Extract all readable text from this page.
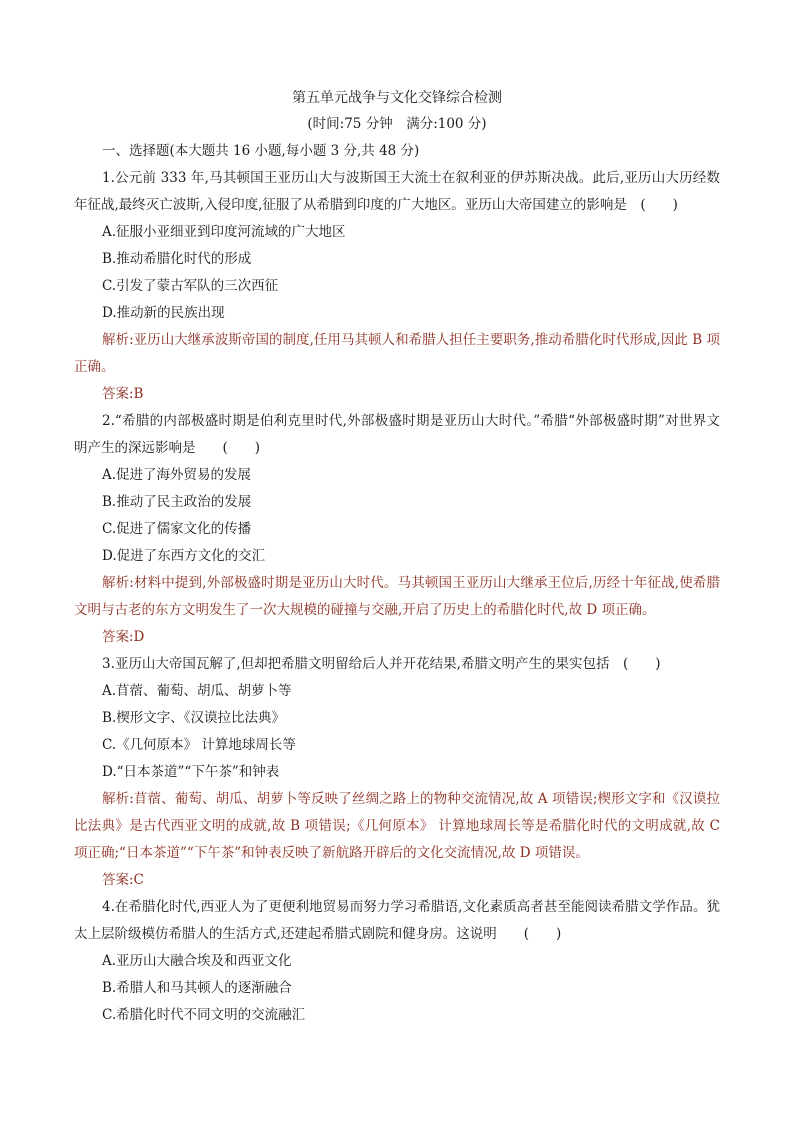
第五单元战争与文化交锋综合检测
(时间:75 分钟　满分:100 分)
一、选择题(本大题共 16 小题,每小题 3 分,共 48 分)

1.公元前 333 年,马其顿国王亚历山大与波斯国王大流士在叙利亚的伊苏斯决战。此后,亚历山大历经数年征战,最终灭亡波斯,入侵印度,征服了从希腊到印度的广大地区。亚历山大帝国建立的影响是　(　　)

A.征服小亚细亚到印度河流域的广大地区

B.推动希腊化时代的形成

C.引发了蒙古军队的三次西征

D.推动新的民族出现

解析:亚历山大继承波斯帝国的制度,任用马其顿人和希腊人担任主要职务,推动希腊化时代形成,因此 B 项正确。

答案:B

2.“希腊的内部极盛时期是伯利克里时代,外部极盛时期是亚历山大时代。”希腊“外部极盛时期”对世界文明产生的深远影响是　　(　　)

A.促进了海外贸易的发展

B.推动了民主政治的发展

C.促进了儒家文化的传播

D.促进了东西方文化的交汇

解析:材料中提到,外部极盛时期是亚历山大时代。马其顿国王亚历山大继承王位后,历经十年征战,使希腊文明与古老的东方文明发生了一次大规模的碰撞与交融,开启了历史上的希腊化时代,故 D 项正确。

答案:D

3.亚历山大帝国瓦解了,但却把希腊文明留给后人并开花结果,希腊文明产生的果实包括　(　　)

A.苜蓿、葡萄、胡瓜、胡萝卜等

B.楔形文字、《汉谟拉比法典》

C.《几何原本》 计算地球周长等

D.“日本茶道”“下午茶”和钟表

解析:苜蓿、葡萄、胡瓜、胡萝卜等反映了丝绸之路上的物种交流情况,故 A 项错误;楔形文字和《汉谟拉比法典》是古代西亚文明的成就,故 B 项错误;《几何原本》 计算地球周长等是希腊化时代的文明成就,故 C 项正确;“日本茶道”“下午茶”和钟表反映了新航路开辟后的文化交流情况,故 D 项错误。

答案:C

4.在希腊化时代,西亚人为了更便利地贸易而努力学习希腊语,文化素质高者甚至能阅读希腊文学作品。犹太上层阶级模仿希腊人的生活方式,还建起希腊式剧院和健身房。这说明　　(　　)

A.亚历山大融合埃及和西亚文化

B.希腊人和马其顿人的逐渐融合

C.希腊化时代不同文明的交流融汇
